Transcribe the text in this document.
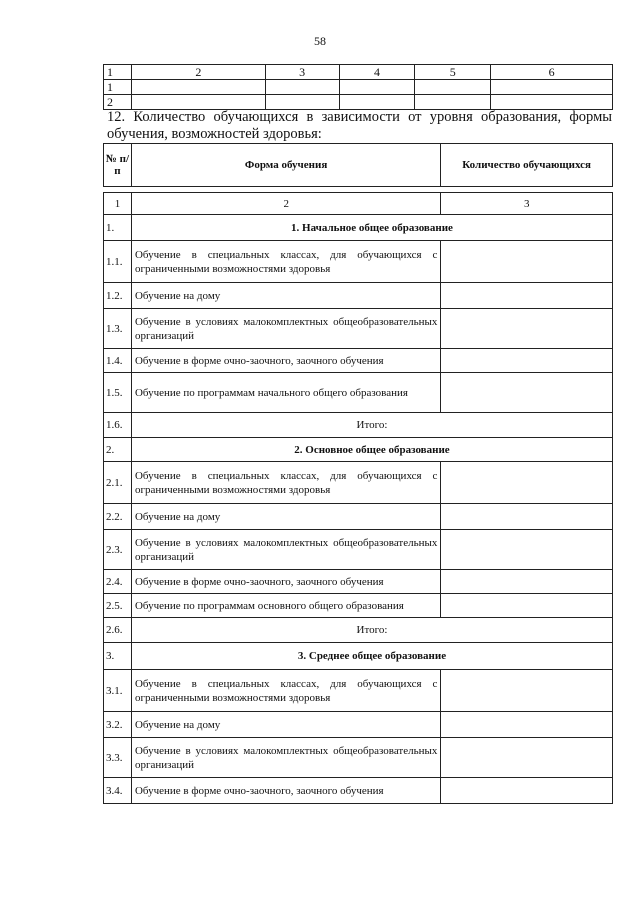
58
1	2	3	4	5	6
1					
2					
12. Количество обучающихся в зависимости от уровня образования, формы обучения, возможностей здоровья:
№ п/п	Форма обучения	Количество обучающихся
1	2	3
1.	1. Начальное общее образование	
1.1.	Обучение в специальных классах, для обучающихся с ограниченными возможностями здоровья	
1.2.	Обучение на дому	
1.3.	Обучение в условиях малокомплектных общеобразовательных организаций	
1.4.	Обучение в форме очно-заочного, заочного обучения	
1.5.	Обучение по программам начального общего образования	
1.6.	Итого:	
2.	2. Основное общее образование	
2.1.	Обучение в специальных классах, для обучающихся с ограниченными возможностями здоровья	
2.2.	Обучение на дому	
2.3.	Обучение в условиях малокомплектных общеобразовательных организаций	
2.4.	Обучение в форме очно-заочного, заочного обучения	
2.5.	Обучение по программам основного общего образования	
2.6.	Итого:	
3.	3. Среднее общее образование	
3.1.	Обучение в специальных классах, для обучающихся с ограниченными возможностями здоровья	
3.2.	Обучение на дому	
3.3.	Обучение в условиях малокомплектных общеобразовательных организаций	
3.4.	Обучение в форме очно-заочного, заочного обучения	
